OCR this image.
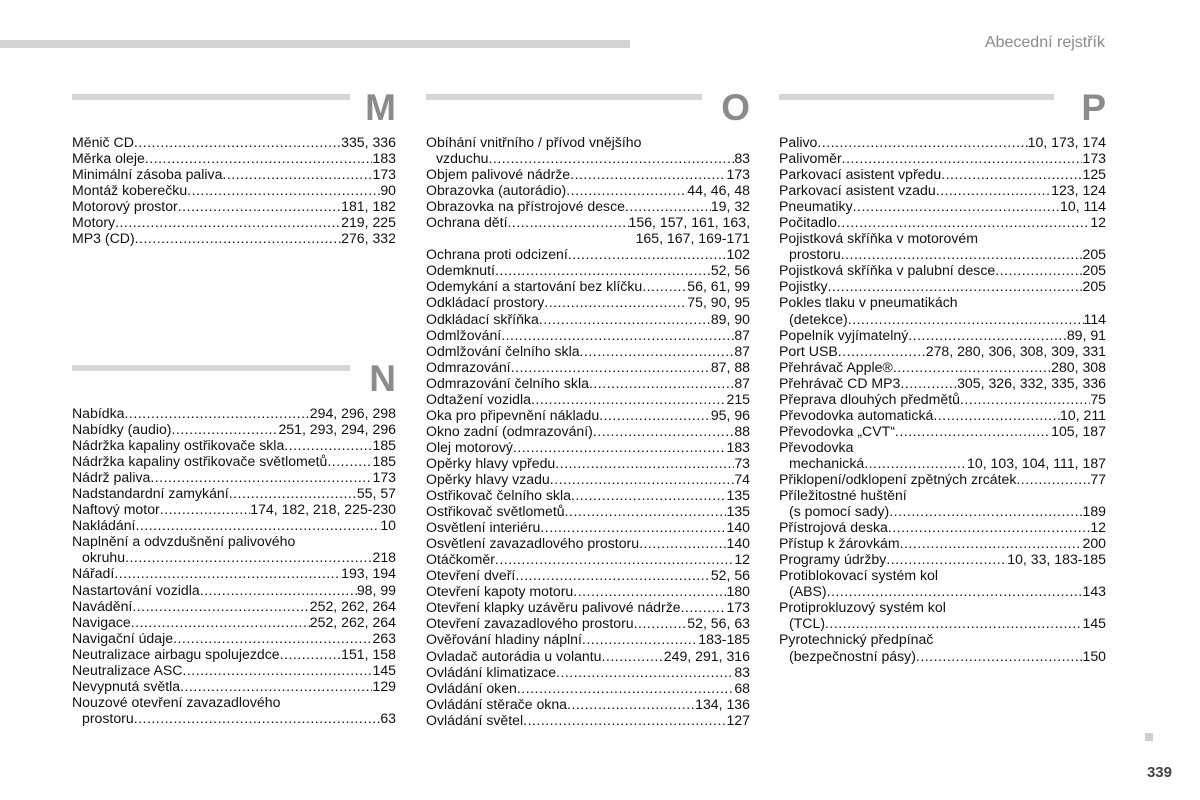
Abecední rejstřík
M
Měnič CD .....	335, 336
Měrka oleje .....	183
Minimální zásoba paliva .....	173
Montáž koberečku .....	90
Motorový prostor .....	181, 182
Motory .....	219, 225
MP3 (CD) .....	276, 332
N
Nabídka .....	294, 296, 298
Nabídky (audio) .....	251, 293, 294, 296
Nádržka kapaliny ostřikovače skla .....	185
Nádržka kapaliny ostřikovače světlometů .....	185
Nádrž paliva .....	173
Nadstandardní zamykání .....	55, 57
Naftový motor .....	174, 182, 218, 225-230
Nakládání .....	10
Naplnění a odvzdušnění palivového
okruhu .....	218
Nářadí .....	193, 194
Nastartování vozidla .....	98, 99
Navádění .....	252, 262, 264
Navigace .....	252, 262, 264
Navigační údaje .....	263
Neutralizace airbagu spolujezdce .....	151, 158
Neutralizace ASC .....	145
Nevypnutá světla .....	129
Nouzové otevření zavazadlového
prostoru .....	63
O
Obíhání vnitřního / přívod vnějšího
vzduchu .....	83
Objem palivové nádrže .....	173
Obrazovka (autorádio) .....	44, 46, 48
Obrazovka na přístrojové desce .....	19, 32
Ochrana dětí .....	156, 157, 161, 163,
165, 167, 169-171
Ochrana proti odcizení .....	102
Odemknutí .....	52, 56
Odemykání a startování bez klíčku .....	56, 61, 99
Odkládací prostory .....	75, 90, 95
Odkládací skříňka .....	89, 90
Odmlžování .....	87
Odmlžování čelního skla .....	87
Odmrazování .....	87, 88
Odmrazování čelního skla .....	87
Odtažení vozidla .....	215
Oka pro připevnění nákladu .....	95, 96
Okno zadní (odmrazování) .....	88
Olej motorový .....	183
Opěrky hlavy vpředu .....	73
Opěrky hlavy vzadu .....	74
Ostřikovač čelního skla .....	135
Ostřikovač světlometů .....	135
Osvětlení interiéru .....	140
Osvětlení zavazadlového prostoru .....	140
Otáčkoměr .....	12
Otevření dveří .....	52, 56
Otevření kapoty motoru .....	180
Otevření klapky uzávěru palivové nádrže .....	173
Otevření zavazadlového prostoru .....	52, 56, 63
Ověřování hladiny náplní .....	183-185
Ovladač autorádia u volantu .....	249, 291, 316
Ovládání klimatizace .....	83
Ovládání oken .....	68
Ovládání stěrače okna .....	134, 136
Ovládání světel .....	127
P
Palivo .....	10, 173, 174
Palivoměr .....	173
Parkovací asistent vpředu .....	125
Parkovací asistent vzadu .....	123, 124
Pneumatiky .....	10, 114
Počitadlo .....	12
Pojistková skříňka v motorovém
prostoru .....	205
Pojistková skříňka v palubní desce .....	205
Pojistky .....	205
Pokles tlaku v pneumatikách
(detekce) .....	114
Popelník vyjímatelný .....	89, 91
Port USB .....	278, 280, 306, 308, 309, 331
Přehrávač Apple® .....	280, 308
Přehrávač CD MP3 .....	305, 326, 332, 335, 336
Přeprava dlouhých předmětů .....	75
Převodovka automatická .....	10, 211
Převodovka „CVT“ .....	105, 187
Převodovka
mechanická .....	10, 103, 104, 111, 187
Přiklopení/odklopení zpětných zrcátek .....	77
Příležitostné huštění
(s pomocí sady) .....	189
Přístrojová deska .....	12
Přístup k žárovkám .....	200
Programy údržby .....	10, 33, 183-185
Protiblokovací systém kol
(ABS) .....	143
Protiprokluzový systém kol
(TCL) .....	145
Pyrotechnický předpínač
(bezpečnostní pásy) .....	150
339
